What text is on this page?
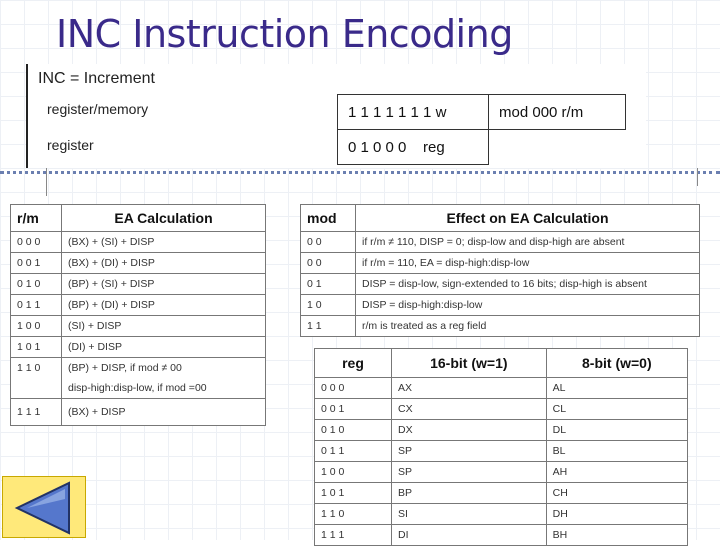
INC Instruction Encoding
INC = Increment
register/memory
register
1 1 1 1 1 1 1 w	mod 000 r/m
0 1 0 0 0    reg	
r/m	EA Calculation
0 0 0	(BX) + (SI) + DISP
0 0 1	(BX) + (DI) + DISP
0 1 0	(BP) + (SI) + DISP
0 1 1	(BP) + (DI) + DISP
1 0 0	(SI) + DISP
1 0 1	(DI) + DISP
1 1 0	(BP) + DISP, if mod ≠ 00
	disp-high:disp-low, if mod =00
1 1 1	(BX) + DISP
mod	Effect on EA Calculation
0 0	if r/m ≠ 110, DISP = 0; disp-low and disp-high are absent
0 0	if r/m = 110, EA = disp-high:disp-low
0 1	DISP = disp-low, sign-extended to 16 bits; disp-high is absent
1 0	DISP = disp-high:disp-low
1 1	r/m is treated as a reg field
reg	16-bit (w=1)	8-bit (w=0)
0 0 0	AX	AL
0 0 1	CX	CL
0 1 0	DX	DL
0 1 1	SP	BL
1 0 0	SP	AH
1 0 1	BP	CH
1 1 0	SI	DH
1 1 1	DI	BH
